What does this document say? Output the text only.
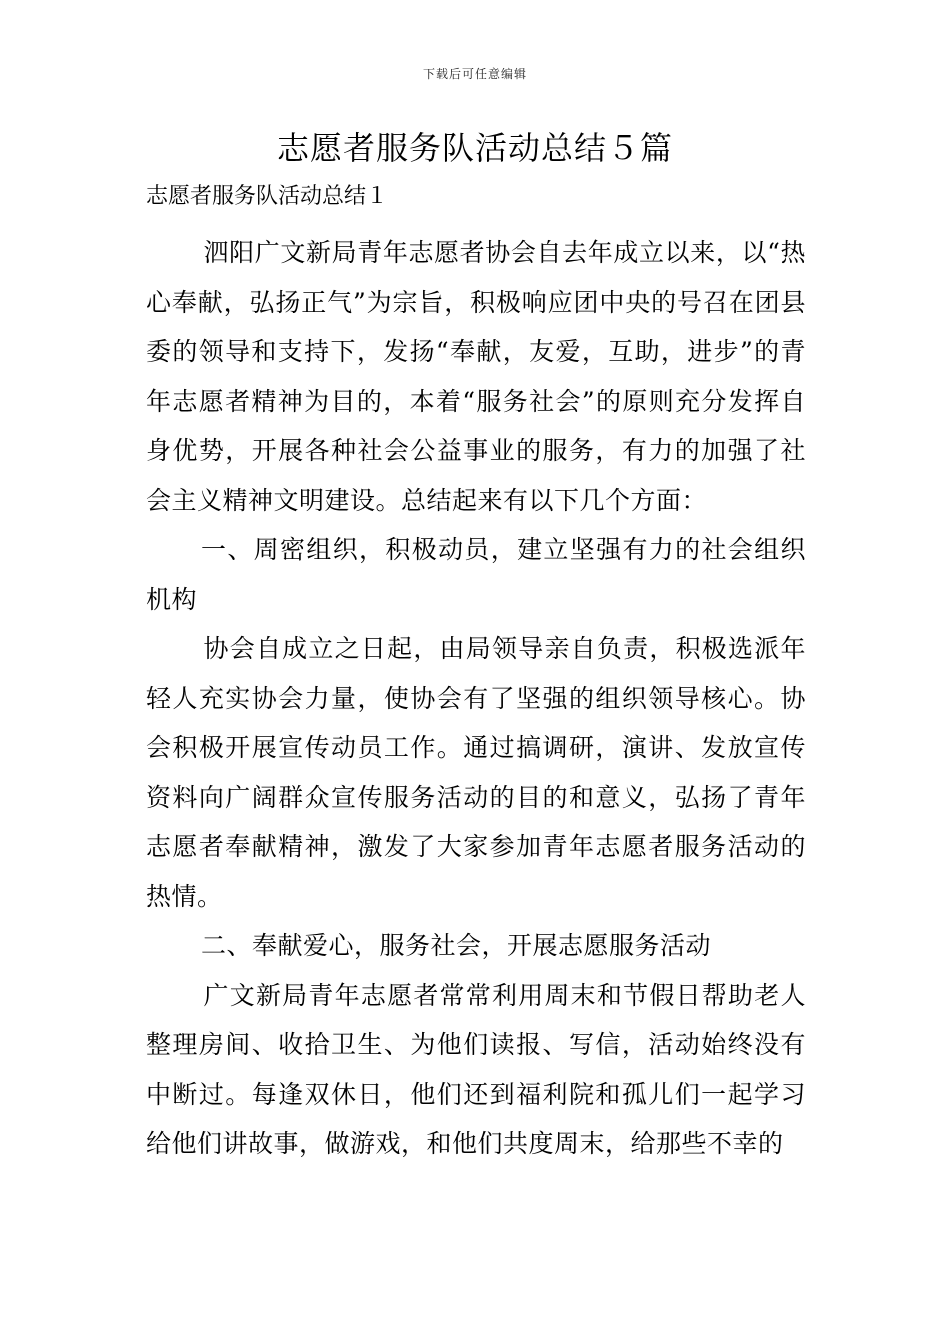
下载后可任意编辑
志愿者服务队活动总结５篇
志愿者服务队活动总结１

泗阳广文新局青年志愿者协会自去年成立以来，以“热心奉献，弘扬正气”为宗旨，积极响应团中央的号召在团县委的领导和支持下，发扬“奉献，友爱，互助，进步”的青年志愿者精神为目的，本着“服务社会”的原则充分发挥自身优势，开展各种社会公益事业的服务，有力的加强了社会主义精神文明建设。总结起来有以下几个方面：

一、周密组织，积极动员，建立坚强有力的社会组织机构

协会自成立之日起，由局领导亲自负责，积极选派年轻人充实协会力量，使协会有了坚强的组织领导核心。协会积极开展宣传动员工作。通过搞调研，演讲、发放宣传资料向广阔群众宣传服务活动的目的和意义，弘扬了青年志愿者奉献精神，激发了大家参加青年志愿者服务活动的热情。

二、奉献爱心，服务社会，开展志愿服务活动

广文新局青年志愿者常常利用周末和节假日帮助老人整理房间、收拾卫生、为他们读报、写信，活动始终没有中断过。每逢双休日，他们还到福利院和孤儿们一起学习给他们讲故事，做游戏，和他们共度周末，给那些不幸的
